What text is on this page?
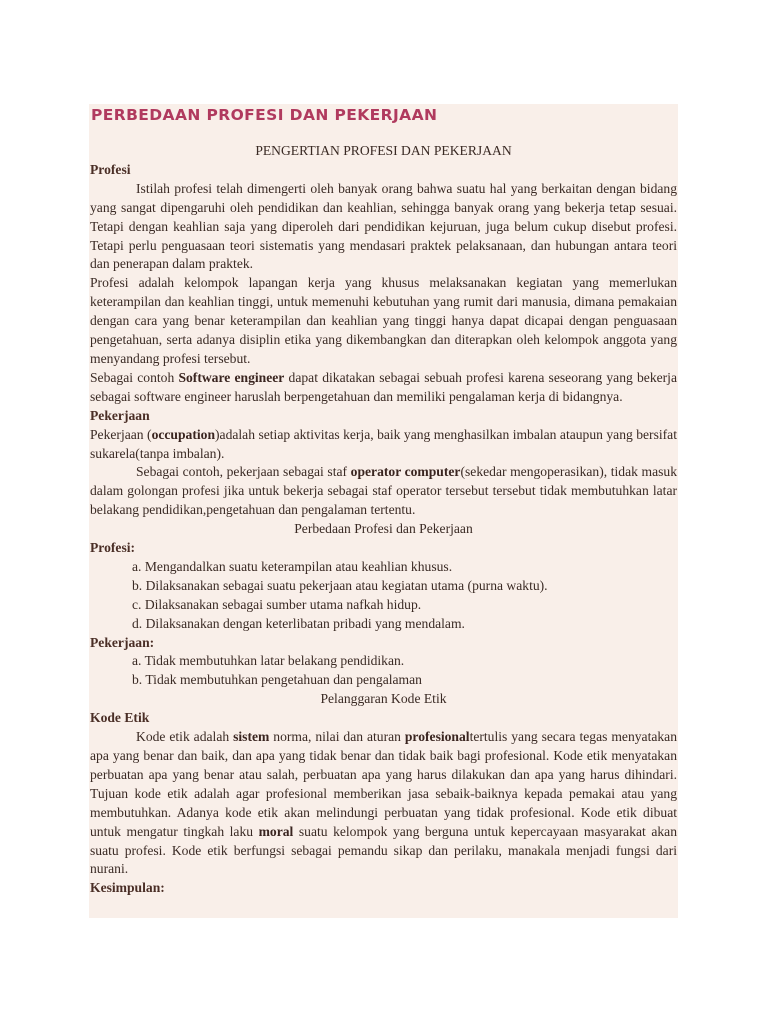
PERBEDAAN PROFESI DAN PEKERJAAN

PENGERTIAN PROFESI DAN PEKERJAAN

Profesi

Istilah profesi telah dimengerti oleh banyak orang bahwa suatu hal yang berkaitan dengan bidang yang sangat dipengaruhi oleh pendidikan dan keahlian, sehingga banyak orang yang bekerja tetap sesuai. Tetapi dengan keahlian saja yang diperoleh dari pendidikan kejuruan, juga belum cukup disebut profesi. Tetapi perlu penguasaan teori sistematis yang mendasari praktek pelaksanaan, dan hubungan antara teori dan penerapan dalam praktek.

Profesi adalah kelompok lapangan kerja yang khusus melaksanakan kegiatan yang memerlukan keterampilan dan keahlian tinggi, untuk memenuhi kebutuhan yang rumit dari manusia, dimana pemakaian dengan cara yang benar keterampilan dan keahlian yang tinggi hanya dapat dicapai dengan penguasaan pengetahuan, serta adanya disiplin etika yang dikembangkan dan diterapkan oleh kelompok anggota yang menyandang profesi tersebut.

Sebagai contoh Software engineer dapat dikatakan sebagai sebuah profesi karena seseorang yang bekerja sebagai software engineer haruslah berpengetahuan dan memiliki pengalaman kerja di bidangnya.

Pekerjaan

Pekerjaan (occupation)adalah setiap aktivitas kerja, baik yang menghasilkan imbalan ataupun yang bersifat sukarela(tanpa imbalan).

Sebagai contoh, pekerjaan sebagai staf operator computer(sekedar mengoperasikan), tidak masuk dalam golongan profesi jika untuk bekerja sebagai staf operator tersebut tersebut tidak membutuhkan latar belakang pendidikan,pengetahuan dan pengalaman tertentu.

Perbedaan Profesi dan Pekerjaan

Profesi:

a. Mengandalkan suatu keterampilan atau keahlian khusus.

b. Dilaksanakan sebagai suatu pekerjaan atau kegiatan utama (purna waktu).

c. Dilaksanakan sebagai sumber utama nafkah hidup.

d. Dilaksanakan dengan keterlibatan pribadi yang mendalam.

Pekerjaan:

a. Tidak membutuhkan latar belakang pendidikan.

b. Tidak membutuhkan pengetahuan dan pengalaman

Pelanggaran Kode Etik

Kode Etik

Kode etik adalah sistem norma, nilai dan aturan profesionaltertulis yang secara tegas menyatakan apa yang benar dan baik, dan apa yang tidak benar dan tidak baik bagi profesional. Kode etik menyatakan perbuatan apa yang benar atau salah, perbuatan apa yang harus dilakukan dan apa yang harus dihindari. Tujuan kode etik adalah agar profesional memberikan jasa sebaik-baiknya kepada pemakai atau yang membutuhkan. Adanya kode etik akan melindungi perbuatan yang tidak profesional. Kode etik dibuat untuk mengatur tingkah laku moral suatu kelompok yang berguna untuk kepercayaan masyarakat akan suatu profesi. Kode etik berfungsi sebagai pemandu sikap dan perilaku, manakala menjadi fungsi dari nurani.

Kesimpulan:
